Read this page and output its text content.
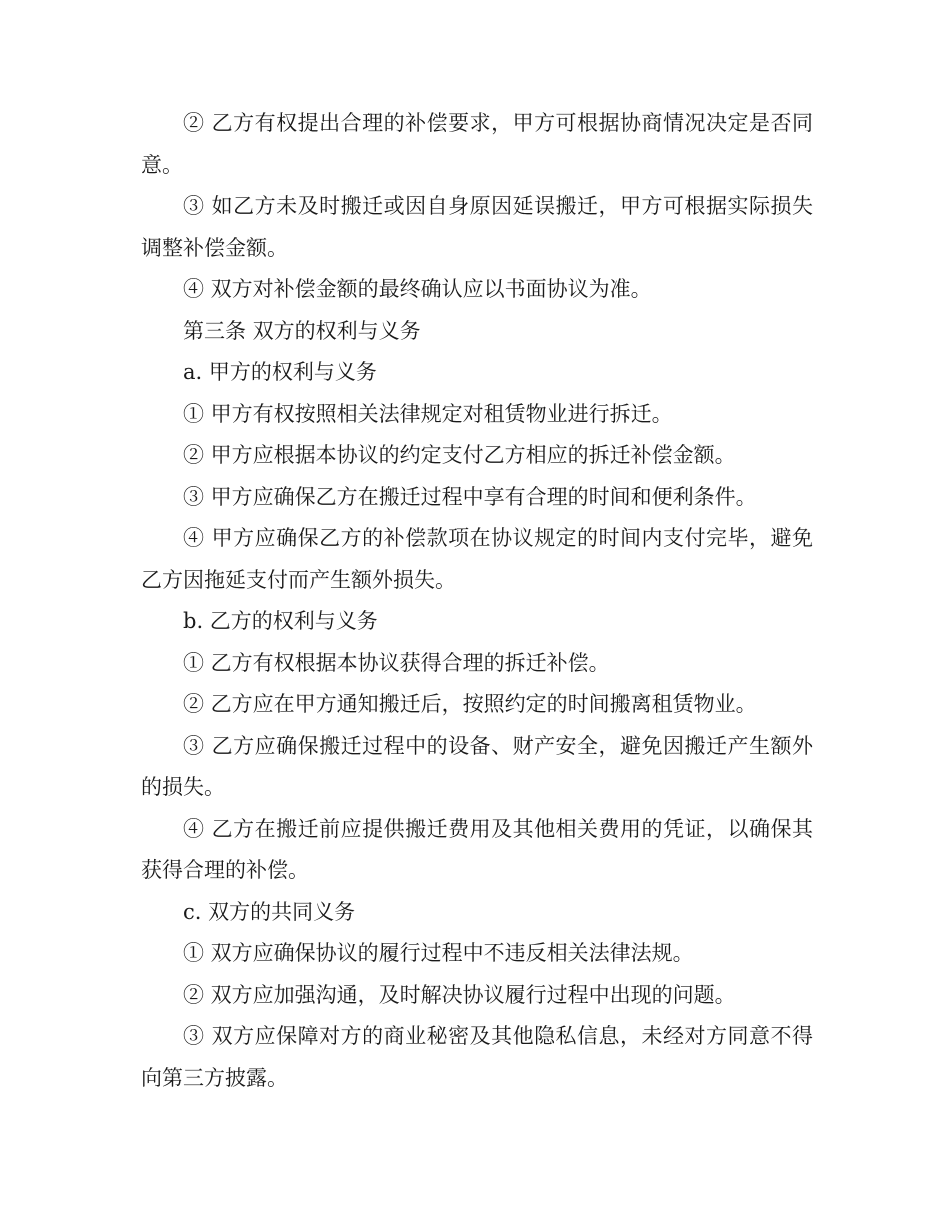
② 乙方有权提出合理的补偿要求，甲方可根据协商情况决定是否同意。

③ 如乙方未及时搬迁或因自身原因延误搬迁，甲方可根据实际损失调整补偿金额。

④ 双方对补偿金额的最终确认应以书面协议为准。

第三条 双方的权利与义务

a. 甲方的权利与义务

① 甲方有权按照相关法律规定对租赁物业进行拆迁。

② 甲方应根据本协议的约定支付乙方相应的拆迁补偿金额。

③ 甲方应确保乙方在搬迁过程中享有合理的时间和便利条件。

④ 甲方应确保乙方的补偿款项在协议规定的时间内支付完毕，避免乙方因拖延支付而产生额外损失。

b. 乙方的权利与义务

① 乙方有权根据本协议获得合理的拆迁补偿。

② 乙方应在甲方通知搬迁后，按照约定的时间搬离租赁物业。

③ 乙方应确保搬迁过程中的设备、财产安全，避免因搬迁产生额外的损失。

④ 乙方在搬迁前应提供搬迁费用及其他相关费用的凭证，以确保其获得合理的补偿。

c. 双方的共同义务

① 双方应确保协议的履行过程中不违反相关法律法规。

② 双方应加强沟通，及时解决协议履行过程中出现的问题。

③ 双方应保障对方的商业秘密及其他隐私信息，未经对方同意不得向第三方披露。
